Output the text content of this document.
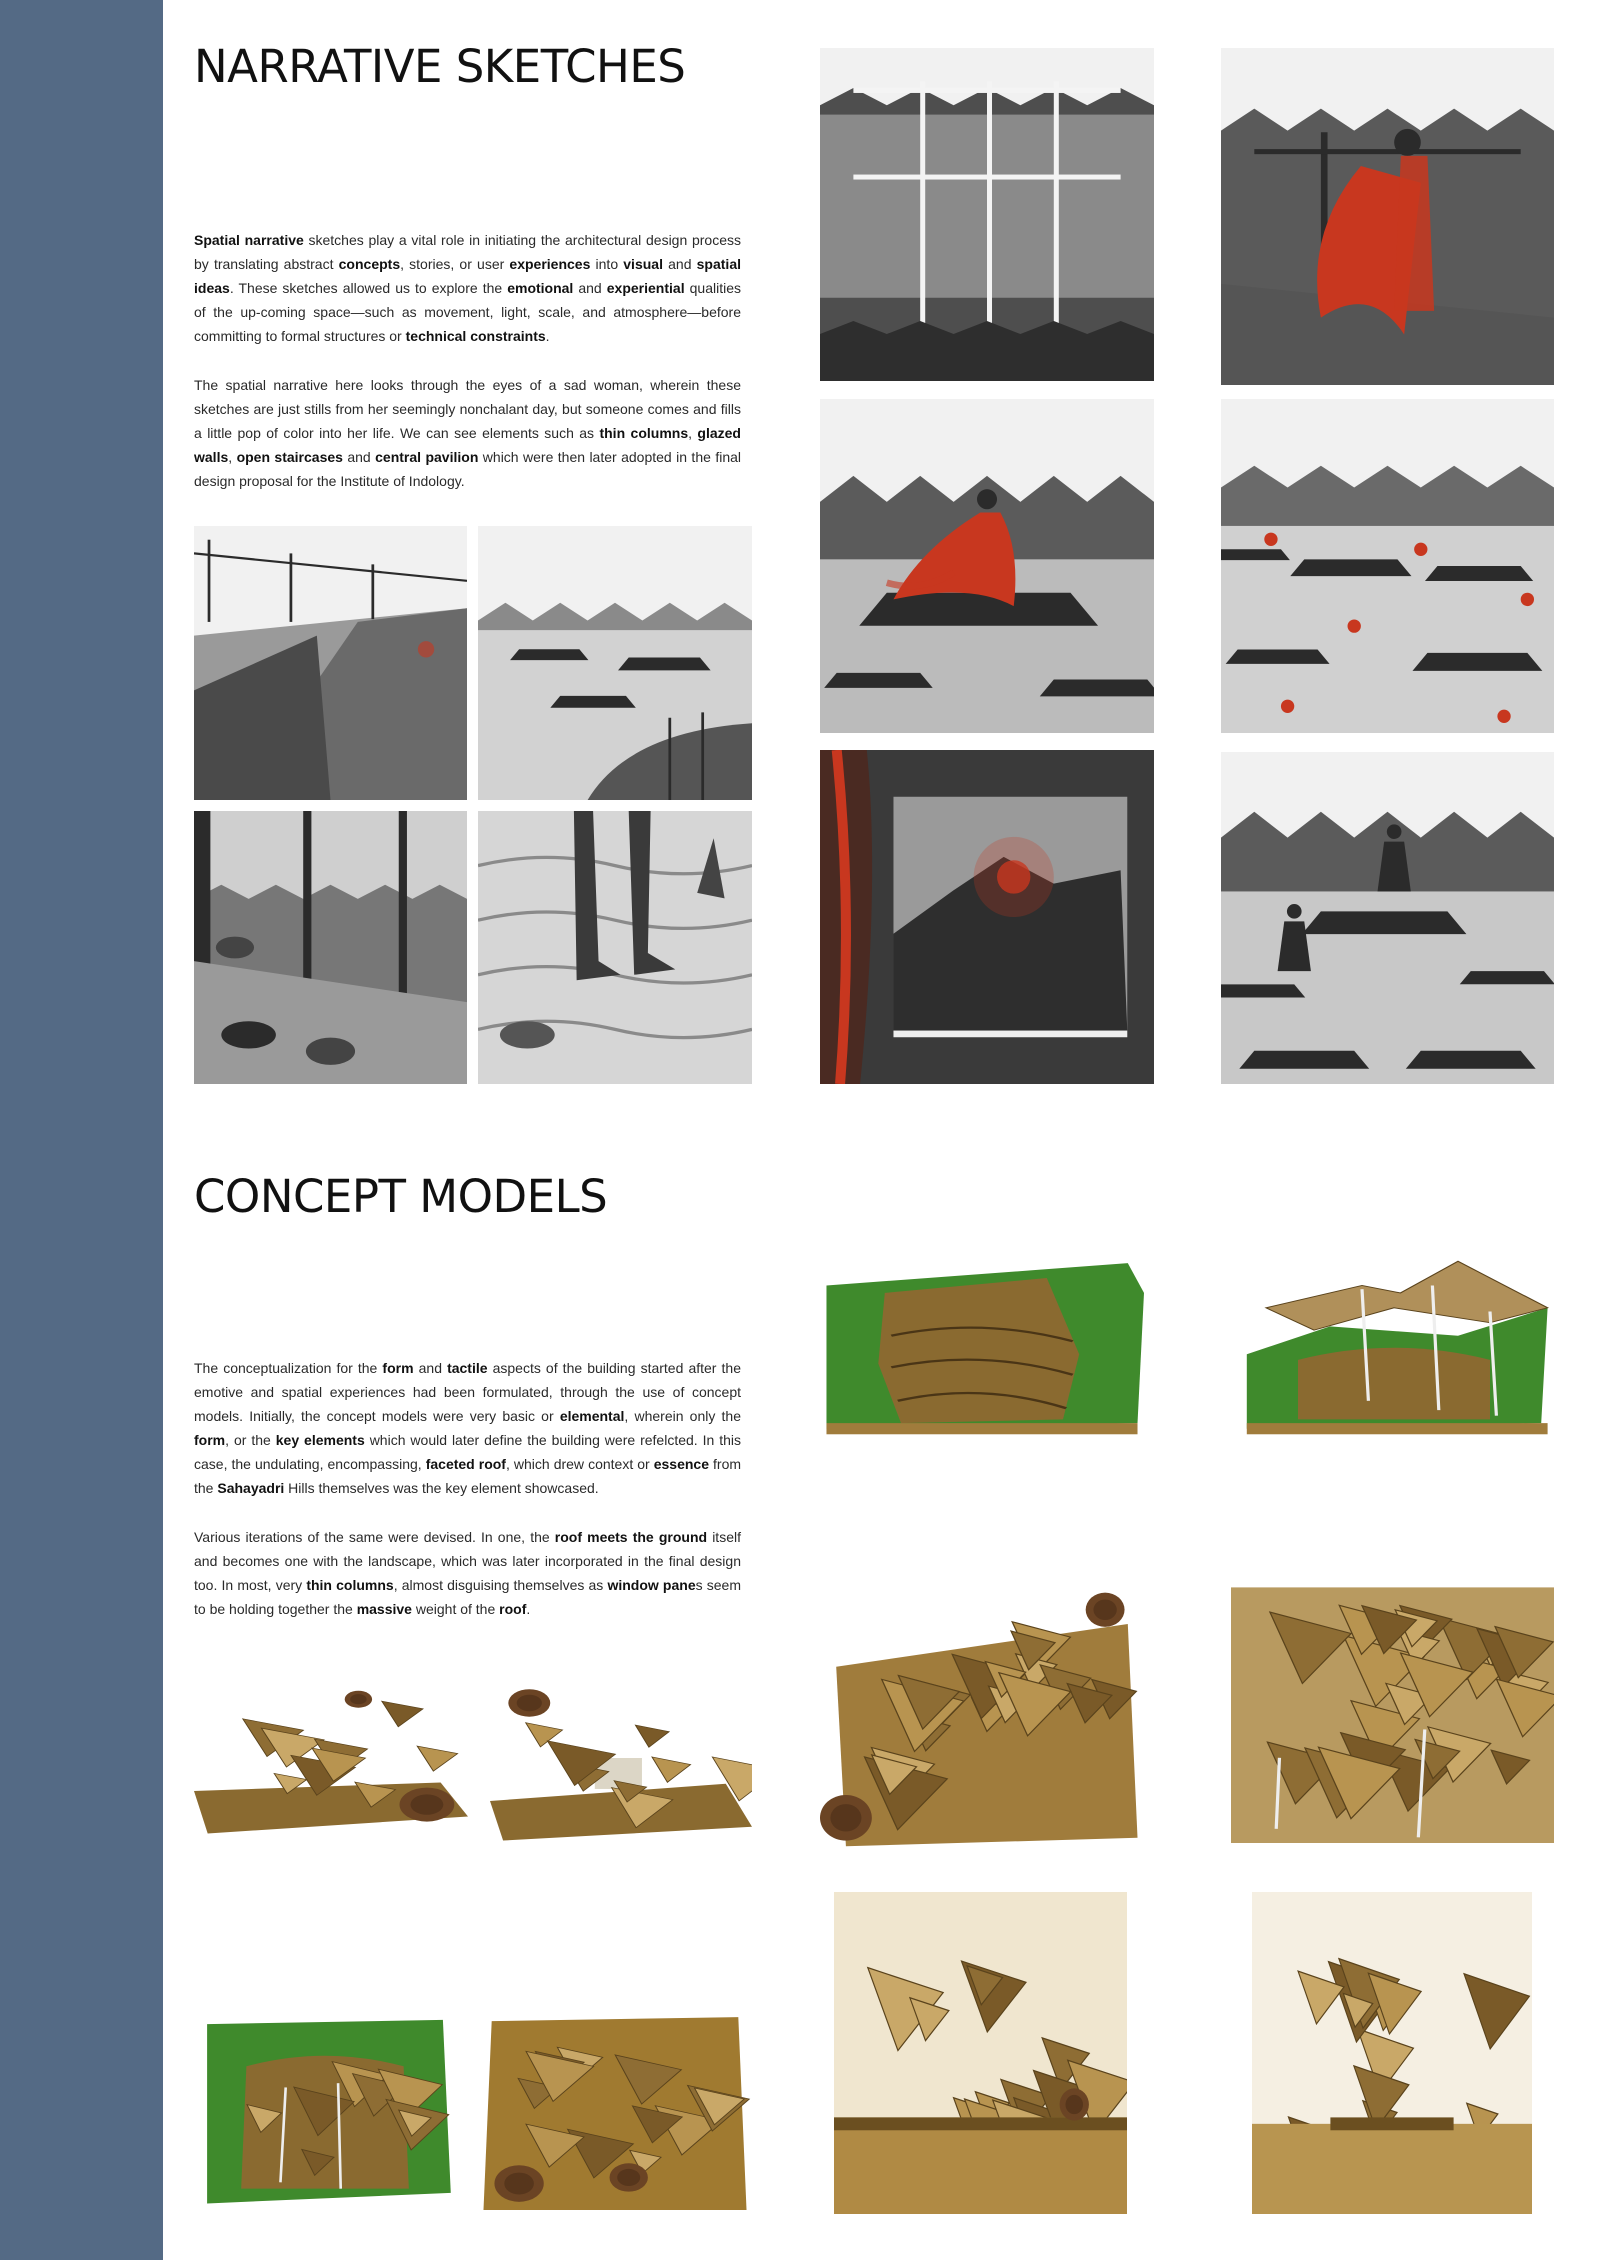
NARRATIVE SKETCHES

Spatial narrative sketches play a vital role in initiating the architectural design process by translating abstract concepts, stories, or user experiences into visual and spatial ideas. These sketches allowed us to explore the emotional and experiential qualities of the up-coming space—such as movement, light, scale, and atmosphere—before committing to formal structures or technical constraints.

The spatial narrative here looks through the eyes of a sad woman, wherein these sketches are just stills from her seemingly nonchalant day, but someone comes and fills a little pop of color into her life. We can see elements such as thin columns, glazed walls, open staircases and central pavilion which were then later adopted in the final design proposal for the Institute of Indology.

CONCEPT MODELS

The conceptualization for the form and tactile aspects of the building started after the emotive and spatial experiences had been formulated, through the use of concept models. Initially, the concept models were very basic or elemental, wherein only the form, or the key elements which would later define the building were refelcted. In this case, the undulating, encompassing, faceted roof, which drew context or essence from the Sahayadri Hills themselves was the key element showcased.

Various iterations of the same were devised. In one, the roof meets the ground itself and becomes one with the landscape, which was later incorporated in the final design too. In most, very thin columns, almost disguising themselves as window panes seem to be holding together the massive weight of the roof.
